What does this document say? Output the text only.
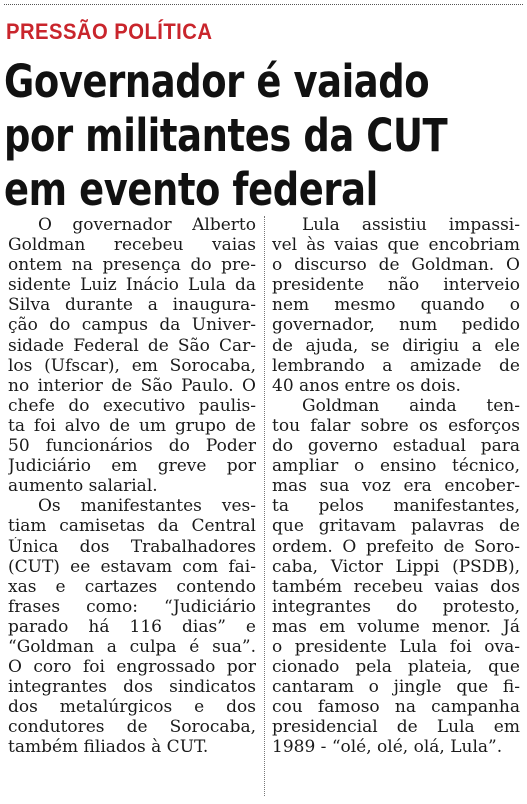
PRESSÃO POLÍTICA
Governador é vaiado
por militantes da CUT
em evento federal
O governador Alberto
Goldman recebeu vaias
ontem na presença do pre-
sidente Luiz Inácio Lula da
Silva durante a inaugura-
ção do campus da Univer-
sidade Federal de São Car-
los (Ufscar), em Sorocaba,
no interior de São Paulo. O
chefe do executivo paulis-
ta foi alvo de um grupo de
50 funcionários do Poder
Judiciário em greve por
aumento salarial.
Os manifestantes ves-
tiam camisetas da Central
Única dos Trabalhadores
(CUT) ee estavam com fai-
xas e cartazes contendo
frases como: “Judiciário
parado há 116 dias” e
“Goldman a culpa é sua”.
O coro foi engrossado por
integrantes dos sindicatos
dos metalúrgicos e dos
condutores de Sorocaba,
também filiados à CUT.
Lula assistiu impassi-
vel às vaias que encobriam
o discurso de Goldman. O
presidente não interveio
nem mesmo quando o
governador, num pedido
de ajuda, se dirigiu a ele
lembrando a amizade de
40 anos entre os dois.
Goldman ainda ten-
tou falar sobre os esforços
do governo estadual para
ampliar o ensino técnico,
mas sua voz era encober-
ta pelos manifestantes,
que gritavam palavras de
ordem. O prefeito de Soro-
caba, Victor Lippi (PSDB),
também recebeu vaias dos
integrantes do protesto,
mas em volume menor. Já
o presidente Lula foi ova-
cionado pela plateia, que
cantaram o jingle que fi-
cou famoso na campanha
presidencial de Lula em
1989 - “olé, olé, olá, Lula”.
